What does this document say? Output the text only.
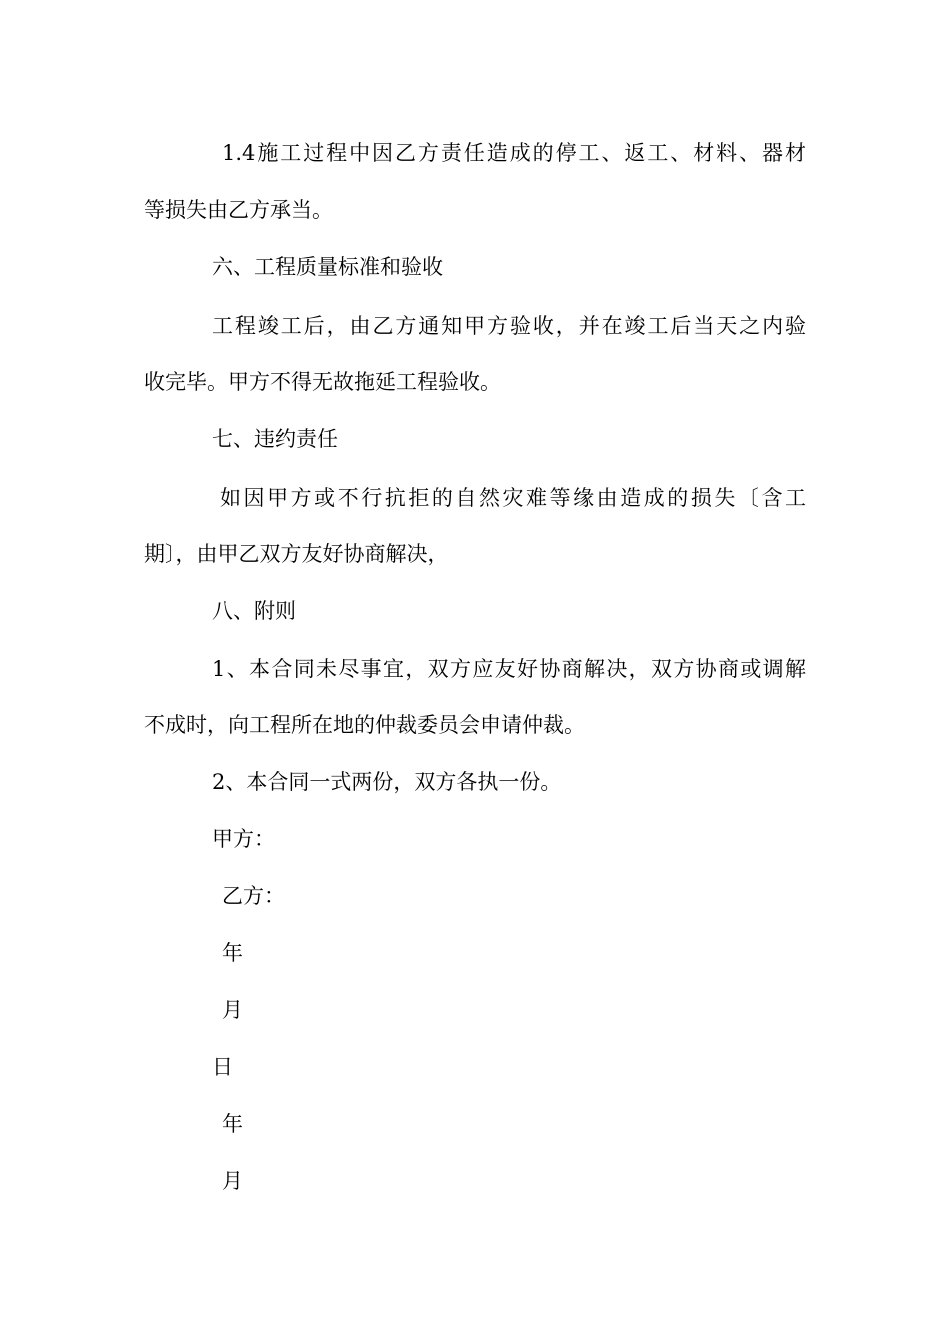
1.4施工过程中因乙方责任造成的停工、返工、材料、器材
等损失由乙方承当。
六、工程质量标准和验收
工程竣工后，由乙方通知甲方验收，并在竣工后当天之内验
收完毕。甲方不得无故拖延工程验收。
七、违约责任
如因甲方或不行抗拒的自然灾难等缘由造成的损失〔含工
期〕，由甲乙双方友好协商解决，
八、附则
1、本合同未尽事宜，双方应友好协商解决，双方协商或调解
不成时，向工程所在地的仲裁委员会申请仲裁。
2、本合同一式两份，双方各执一份。
甲方：
乙方：
年
月
日
年
月
